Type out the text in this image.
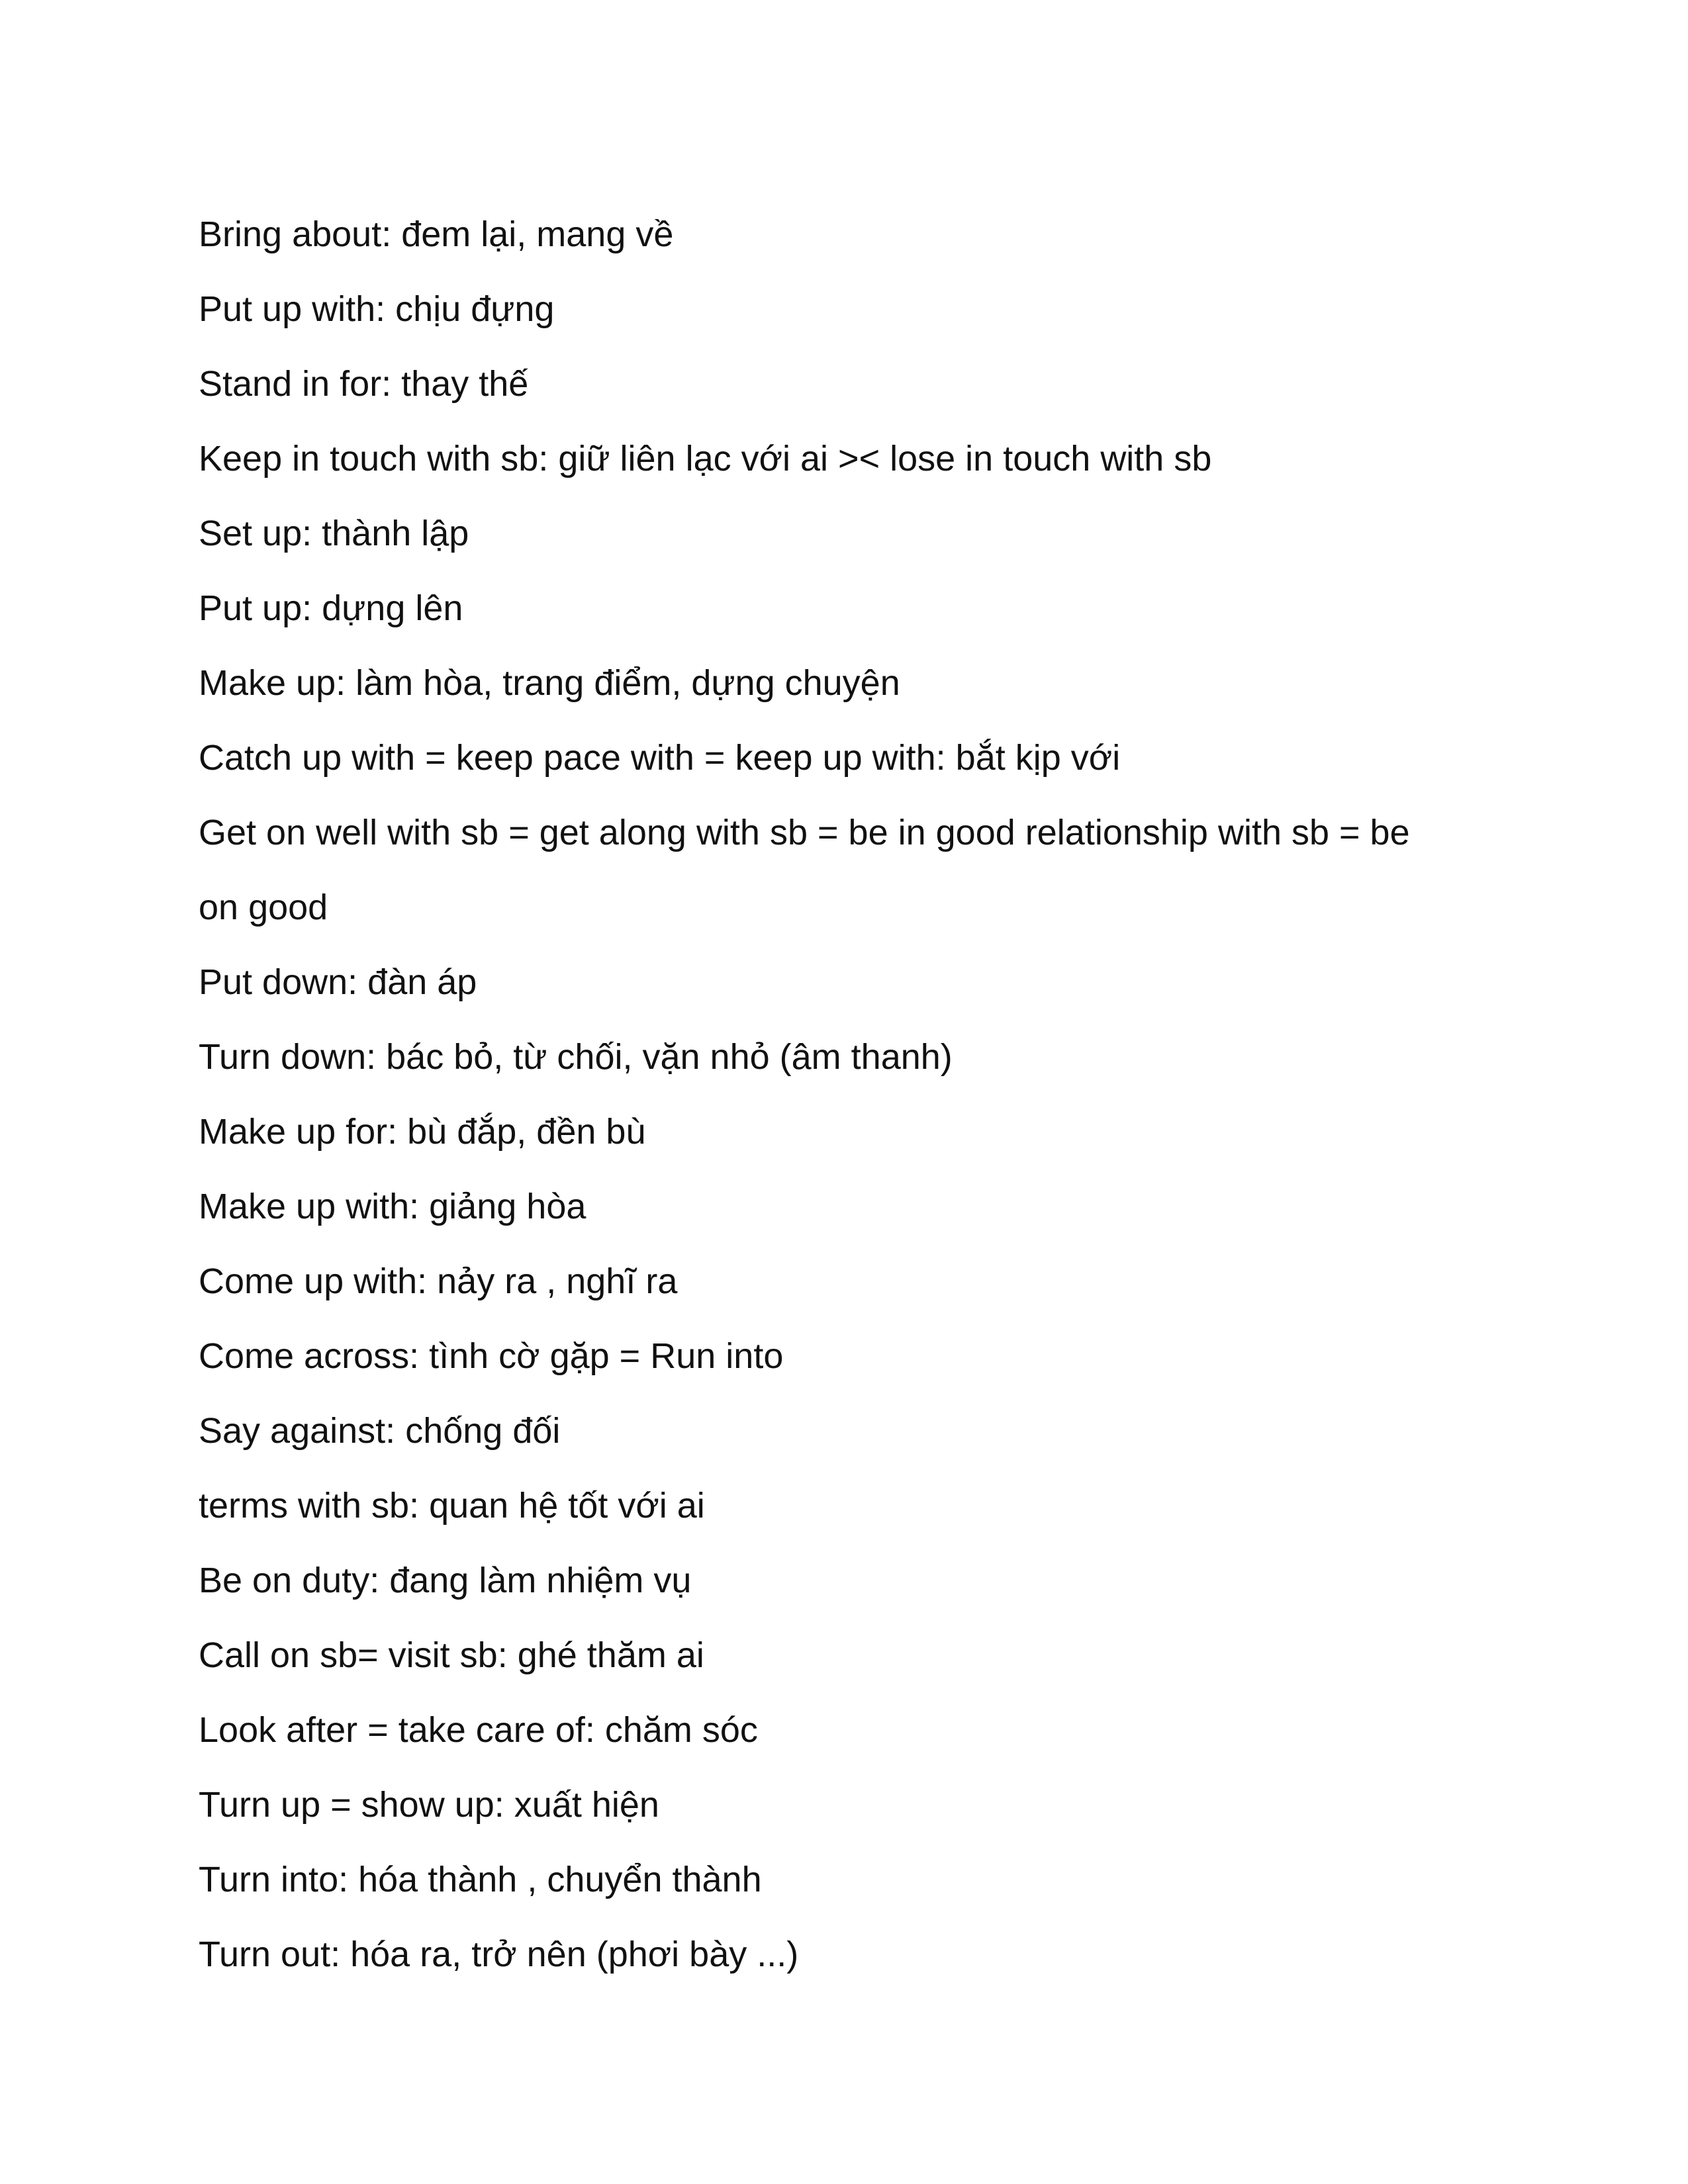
Bring about: đem lại, mang về
Put up with: chịu đựng
Stand in for: thay thế
Keep in touch with sb: giữ liên lạc với ai >< lose in touch with sb
Set up: thành lập
Put up: dựng lên
Make up: làm hòa, trang điểm, dựng chuyện
Catch up with = keep pace with = keep up with: bắt kịp với
Get on well with sb = get along with sb = be in good relationship with sb = be
on good
Put down: đàn áp
Turn down: bác bỏ, từ chối, vặn nhỏ (âm thanh)
Make up for: bù đắp, đền bù
Make up with: giảng hòa
Come up with: nảy ra , nghĩ ra
Come across: tình cờ gặp = Run into
Say against: chống đối
terms with sb: quan hệ tốt với ai
Be on duty: đang làm nhiệm vụ
Call on sb= visit sb: ghé thăm ai
Look after = take care of: chăm sóc
Turn up = show up: xuất hiện
Turn into: hóa thành , chuyển thành
Turn out: hóa ra, trở nên (phơi bày ...)
